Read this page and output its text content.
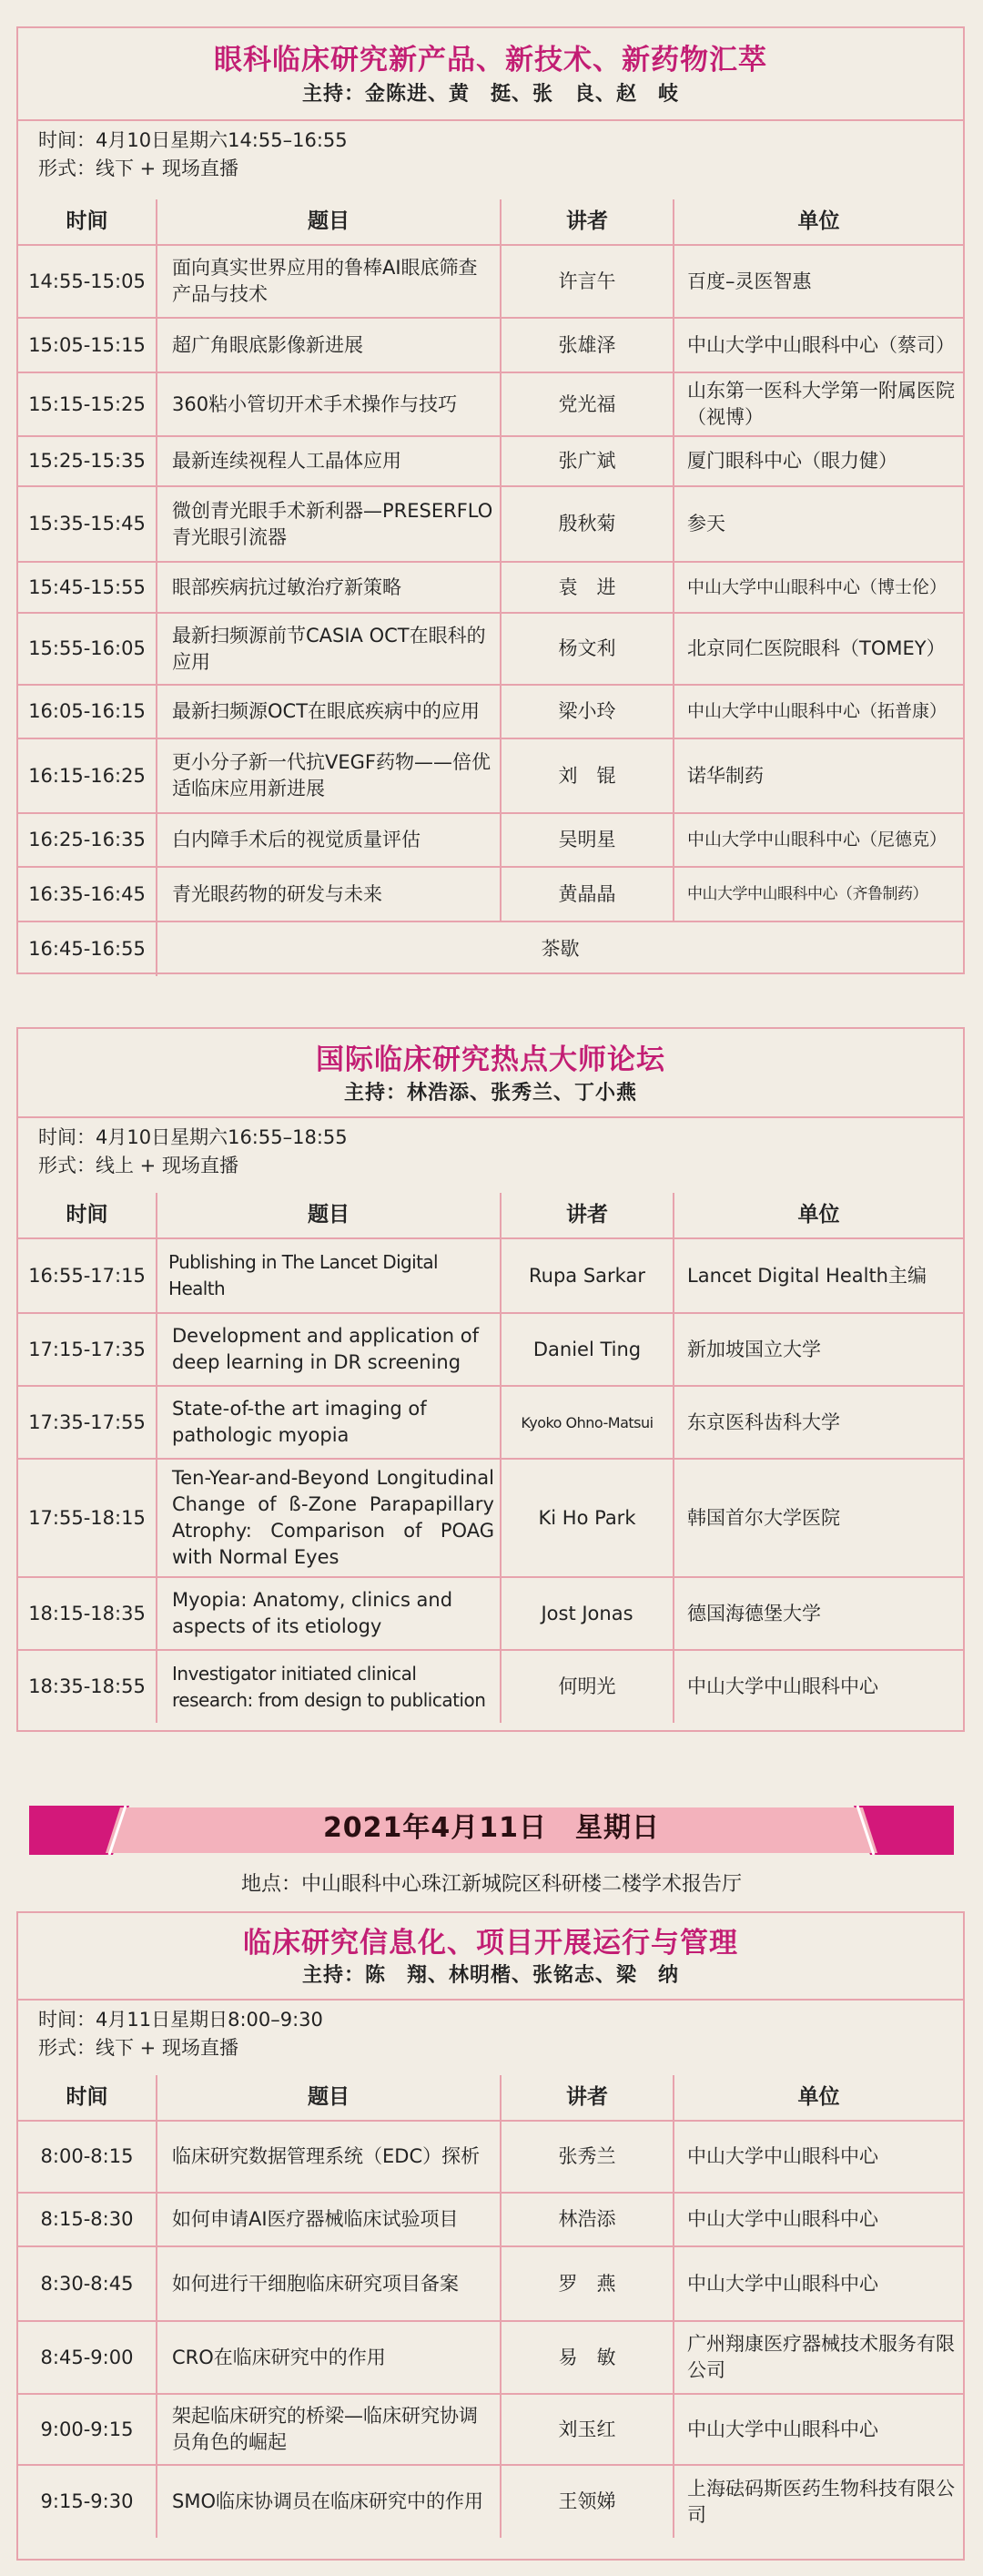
眼科临床研究新产品、新技术、新药物汇萃
主持：金陈进、黄　挺、张　良、赵　岐
时间：4月10日星期六14:55–16:55
形式：线下 + 现场直播
时间	题目	讲者	单位
14:55-15:05	面向真实世界应用的鲁棒AI眼底筛查产品与技术	许言午	百度–灵医智惠
15:05-15:15	超广角眼底影像新进展	张雄泽	中山大学中山眼科中心（蔡司）
15:15-15:25	360粘小管切开术手术操作与技巧	党光福	山东第一医科大学第一附属医院（视博）
15:25-15:35	最新连续视程人工晶体应用	张广斌	厦门眼科中心（眼力健）
15:35-15:45	微创青光眼手术新利器—PRESERFLO青光眼引流器	殷秋菊	参天
15:45-15:55	眼部疾病抗过敏治疗新策略	袁　进	中山大学中山眼科中心（博士伦）
15:55-16:05	最新扫频源前节CASIA OCT在眼科的应用	杨文利	北京同仁医院眼科（TOMEY）
16:05-16:15	最新扫频源OCT在眼底疾病中的应用	梁小玲	中山大学中山眼科中心（拓普康）
16:15-16:25	更小分子新一代抗VEGF药物——倍优适临床应用新进展	刘　锟	诺华制药
16:25-16:35	白内障手术后的视觉质量评估	吴明星	中山大学中山眼科中心（尼德克）
16:35-16:45	青光眼药物的研发与未来	黄晶晶	中山大学中山眼科中心（齐鲁制药）
16:45-16:55	茶歇		
国际临床研究热点大师论坛
主持：林浩添、张秀兰、丁小燕
时间：4月10日星期六16:55–18:55
形式：线上 + 现场直播
时间	题目	讲者	单位
16:55-17:15	Publishing in The Lancet Digital Health	Rupa Sarkar	Lancet Digital Health主编
17:15-17:35	Development and application of deep learning in DR screening	Daniel Ting	新加坡国立大学
17:35-17:55	State-of-the art imaging of pathologic myopia	Kyoko Ohno-Matsui	东京医科齿科大学
17:55-18:15	Ten-Year-and-Beyond Longitudinal Change of ß-Zone Parapapillary Atrophy: Comparison of POAG with Normal Eyes	Ki Ho Park	韩国首尔大学医院
18:15-18:35	Myopia: Anatomy, clinics and aspects of its etiology	Jost Jonas	德国海德堡大学
18:35-18:55	Investigator initiated clinical research: from design to publication	何明光	中山大学中山眼科中心
2021年4月11日　星期日
地点：中山眼科中心珠江新城院区科研楼二楼学术报告厅
临床研究信息化、项目开展运行与管理
主持：陈　翔、林明楷、张铭志、梁　纳
时间：4月11日星期日8:00–9:30
形式：线下 + 现场直播
时间	题目	讲者	单位
8:00-8:15	临床研究数据管理系统（EDC）探析	张秀兰	中山大学中山眼科中心
8:15-8:30	如何申请AI医疗器械临床试验项目	林浩添	中山大学中山眼科中心
8:30-8:45	如何进行干细胞临床研究项目备案	罗　燕	中山大学中山眼科中心
8:45-9:00	CRO在临床研究中的作用	易　敏	广州翔康医疗器械技术服务有限公司
9:00-9:15	架起临床研究的桥梁—临床研究协调员角色的崛起	刘玉红	中山大学中山眼科中心
9:15-9:30	SMO临床协调员在临床研究中的作用	王领娣	上海砝码斯医药生物科技有限公司
